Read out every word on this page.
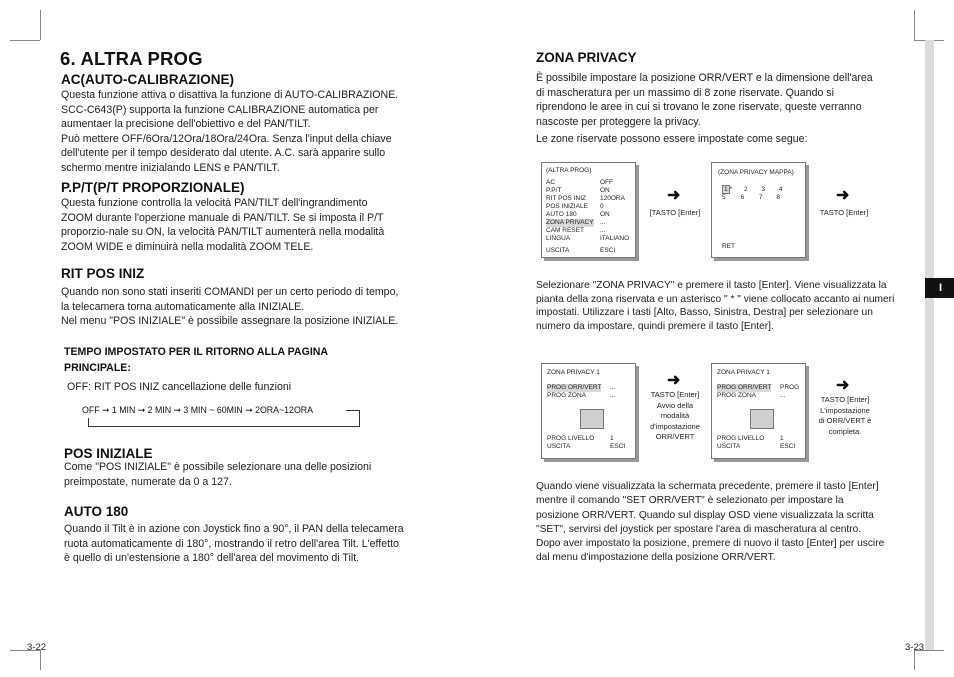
I
6. ALTRA PROG
AC(AUTO-CALIBRAZIONE)
Questa funzione attiva o disattiva la funzione di AUTO-CALIBRAZIONE.
SCC-C643(P) supporta la funzione CALIBRAZIONE automatica per
aumentaer la precisione dell'obiettivo e del PAN/TILT.
Può mettere OFF/6Ora/12Ora/18Ora/24Ora. Senza l'input della chiave
dell'utente per il tempo desiderato dal utente. A.C. sarà apparire sullo
schermo mentre inizialando LENS e PAN/TILT.
P.P/T(P/T PROPORZIONALE)
Questa funzione controlla la velocità PAN/TILT dell'ingrandimento
ZOOM durante l'operzione manuale di PAN/TILT. Se si imposta il P/T
proporzio-nale su ON, la velocità PAN/TILT aumenterà nella modalità
ZOOM WIDE e diminuirà nella modalità ZOOM TELE.
RIT POS INIZ
Quando non sono stati inseriti COMANDI per un certo periodo di tempo,
la telecamera torna automaticamente alla INIZIALE.
Nel menu "POS INIZIALE" è possibile assegnare la posizione INIZIALE.
TEMPO IMPOSTATO PER IL RITORNO ALLA PAGINA
PRINCIPALE:
OFF: RIT POS INIZ cancellazione delle funzioni
OFF ➞ 1 MIN ➞ 2 MIN ➞ 3 MIN ~ 60MIN ➞ 2ORA~12ORA
POS INIZIALE
Come "POS INIZIALE" è possibile selezionare una delle posizioni
preimpostate, numerate da 0 a 127.
AUTO 180
Quando il Tilt è in azione con Joystick fino a 90°, il PAN della telecamera
ruota automaticamente di 180°, mostrando il retro dell'area Tilt. L'effetto
è quello di un'estensione a 180° dell'area del movimento di Tilt.
3-22
ZONA PRIVACY
È possibile impostare la posizione ORR/VERT e la dimensione dell'area
di mascheratura per un massimo di 8 zone riservate. Quando si
riprendono le aree in cui si trovano le zone riservate, queste verranno
nascoste per proteggere la privacy.
Le zone riservate possono essere impostate come segue:
(ALTRA PROG)
AC
P.P/T
RIT POS INIZ
POS INIZIALE
AUTO 180
ZONA PRIVACY
CAM RESET
LINGUA
OFF
ON
120ORA
0
ON
...
...
ITALIANO
USCITA	ESCI
➜
[TASTO [Enter]
(ZONA PRIVACY MAPPA)
1 * 2 3 4
5 6 7 8
RET
➜
TASTO [Enter]
Selezionare "ZONA PRIVACY" e premere il tasto [Enter]. Viene visualizzata la
pianta della zona riservata e un asterisco " * " viene collocato accanto ai numeri
impostati. Utilizzare i tasti [Alto, Basso, Sinistra, Destra] per selezionare un
numero da impostare, quindi premere il tasto [Enter].
ZONA PRIVACY 1
PROG ORR/VERT
PROG ZONA
...
...
PROG LIVELLO
USCITA
1
ESCI
➜
TASTO [Enter]
Avvio della
modalità
d'impostazione
ORR/VERT
ZONA PRIVACY 1
PROG ORR/VERT
PROG ZONA
PROG
...
PROG LIVELLO
USCITA
1
ESCI
➜
TASTO [Enter]
L'impostazione
di ORR/VERT è
completa.
Quando viene visualizzata la schermata precedente, premere il tasto [Enter]
mentre il comando "SET ORR/VERT" è selezionato per impostare la
posizione ORR/VERT. Quando sul display OSD viene visualizzata la scritta
"SET", servirsi del joystick per spostare l'area di mascheratura al centro.
Dopo aver impostato la posizione, premere di nuovo il tasto [Enter] per uscire
dal menu d'impostazione della posizione ORR/VERT.
3-23
